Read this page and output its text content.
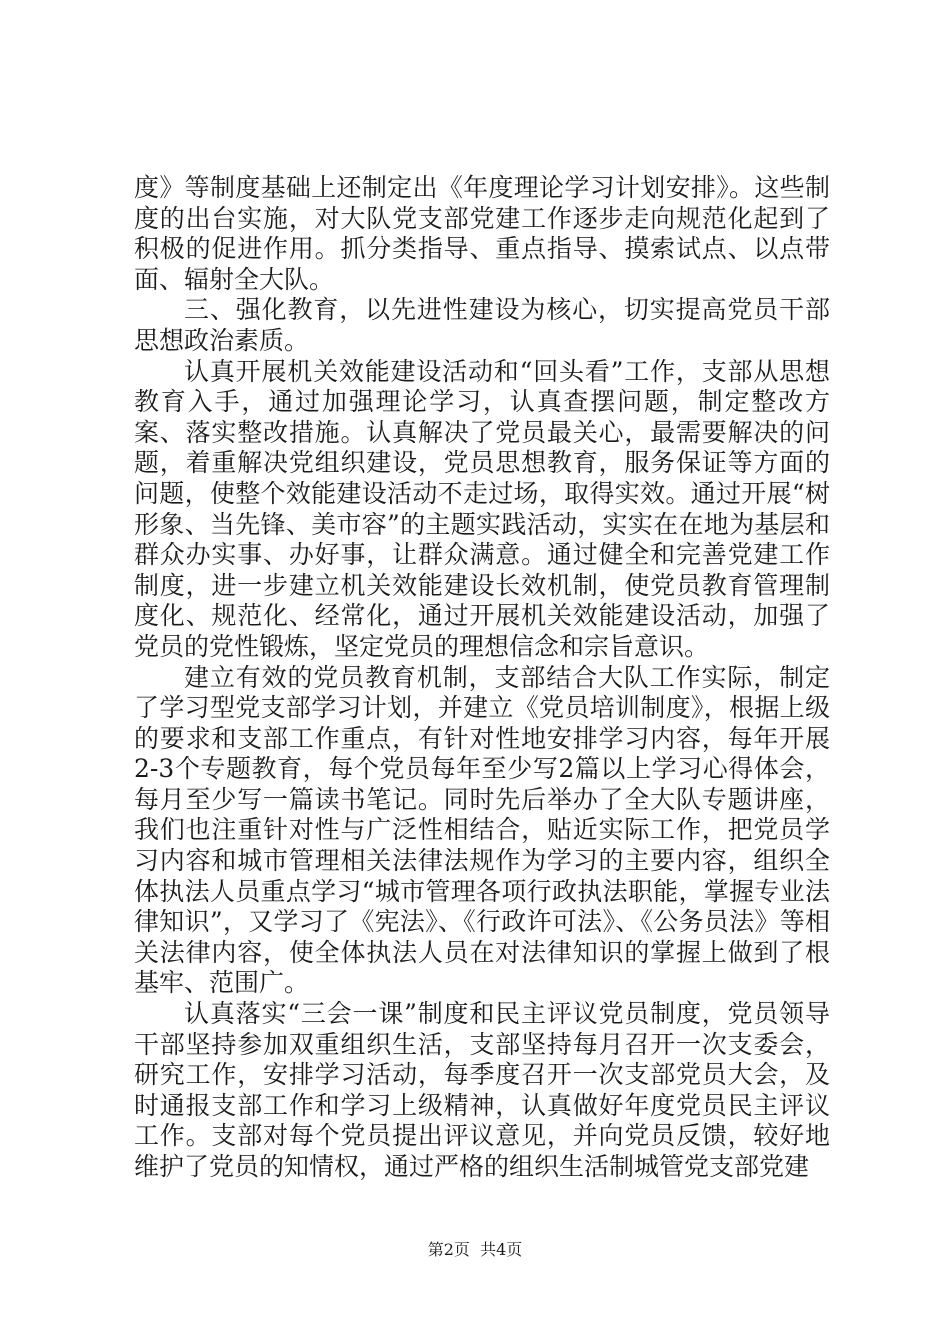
度》等制度基础上还制定出《年度理论学习计划安排》。这些制度的出台实施，对大队党支部党建工作逐步走向规范化起到了积极的促进作用。抓分类指导、重点指导、摸索试点、以点带面、辐射全大队。

三、强化教育，以先进性建设为核心，切实提高党员干部思想政治素质。

认真开展机关效能建设活动和“回头看”工作，支部从思想教育入手，通过加强理论学习，认真查摆问题，制定整改方案、落实整改措施。认真解决了党员最关心，最需要解决的问题，着重解决党组织建设，党员思想教育，服务保证等方面的问题，使整个效能建设活动不走过场，取得实效。通过开展“树形象、当先锋、美市容”的主题实践活动，实实在在地为基层和群众办实事、办好事，让群众满意。通过健全和完善党建工作制度，进一步建立机关效能建设长效机制，使党员教育管理制度化、规范化、经常化，通过开展机关效能建设活动，加强了党员的党性锻炼，坚定党员的理想信念和宗旨意识。

建立有效的党员教育机制，支部结合大队工作实际，制定了学习型党支部学习计划，并建立《党员培训制度》，根据上级的要求和支部工作重点，有针对性地安排学习内容，每年开展2-3个专题教育，每个党员每年至少写2篇以上学习心得体会，每月至少写一篇读书笔记。同时先后举办了全大队专题讲座，我们也注重针对性与广泛性相结合，贴近实际工作，把党员学习内容和城市管理相关法律法规作为学习的主要内容，组织全体执法人员重点学习“城市管理各项行政执法职能，掌握专业法律知识”，又学习了《宪法》、《行政许可法》、《公务员法》等相关法律内容，使全体执法人员在对法律知识的掌握上做到了根基牢、范围广。

认真落实“三会一课”制度和民主评议党员制度，党员领导干部坚持参加双重组织生活，支部坚持每月召开一次支委会，研究工作，安排学习活动，每季度召开一次支部党员大会，及时通报支部工作和学习上级精神，认真做好年度党员民主评议工作。支部对每个党员提出评议意见，并向党员反馈，较好地维护了党员的知情权，通过严格的组织生活制城管党支部党建

第2页 共4页
